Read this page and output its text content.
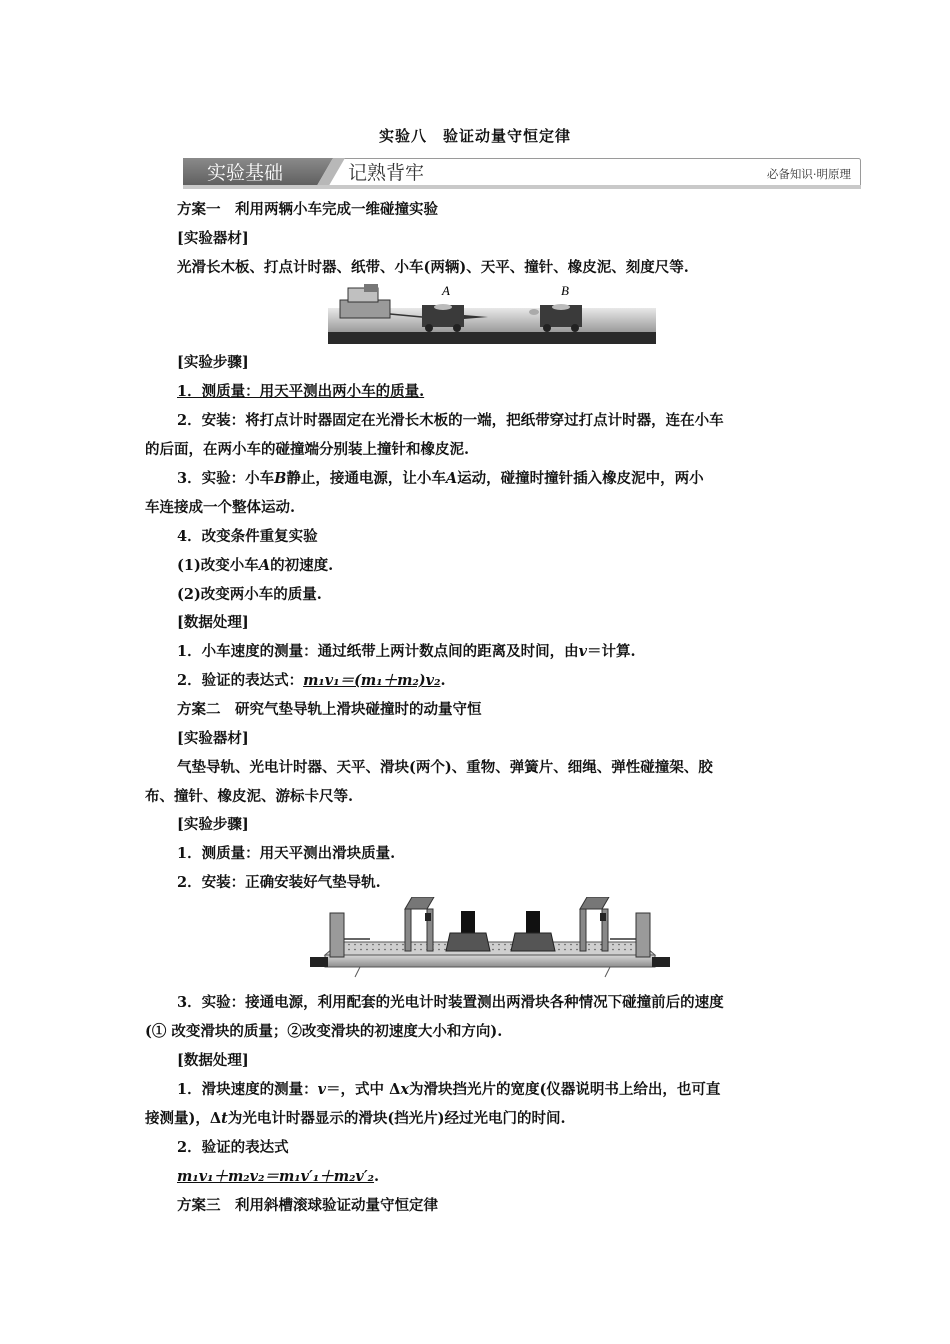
实验八　验证动量守恒定律
实验基础	记熟背牢	必备知识·明原理
方案一　利用两辆小车完成一维碰撞实验
[实验器材]
光滑长木板、打点计时器、纸带、小车(两辆)、天平、撞针、橡皮泥、刻度尺等.
A	B
[实验步骤]
1．测质量：用天平测出两小车的质量.
2．安装：将打点计时器固定在光滑长木板的一端，把纸带穿过打点计时器，连在小车
的后面，在两小车的碰撞端分别装上撞针和橡皮泥.
3．实验：小车B静止，接通电源，让小车A运动，碰撞时撞针插入橡皮泥中，两小
车连接成一个整体运动.
4．改变条件重复实验
(1)改变小车A的初速度.
(2)改变两小车的质量.
[数据处理]
1．小车速度的测量：通过纸带上两计数点间的距离及时间，由v＝计算.
2．验证的表达式：m₁v₁＝(m₁＋m₂)v₂.
方案二　研究气垫导轨上滑块碰撞时的动量守恒
[实验器材]
气垫导轨、光电计时器、天平、滑块(两个)、重物、弹簧片、细绳、弹性碰撞架、胶
布、撞针、橡皮泥、游标卡尺等.
[实验步骤]
1．测质量：用天平测出滑块质量.
2．安装：正确安装好气垫导轨.
3．实验：接通电源，利用配套的光电计时装置测出两滑块各种情况下碰撞前后的速度
(① 改变滑块的质量；②改变滑块的初速度大小和方向).
[数据处理]
1．滑块速度的测量：v＝，式中 Δx为滑块挡光片的宽度(仪器说明书上给出，也可直
接测量)，Δt为光电计时器显示的滑块(挡光片)经过光电门的时间.
2．验证的表达式
m₁v₁＋m₂v₂＝m₁v′₁＋m₂v′₂.
方案三　利用斜槽滚球验证动量守恒定律
